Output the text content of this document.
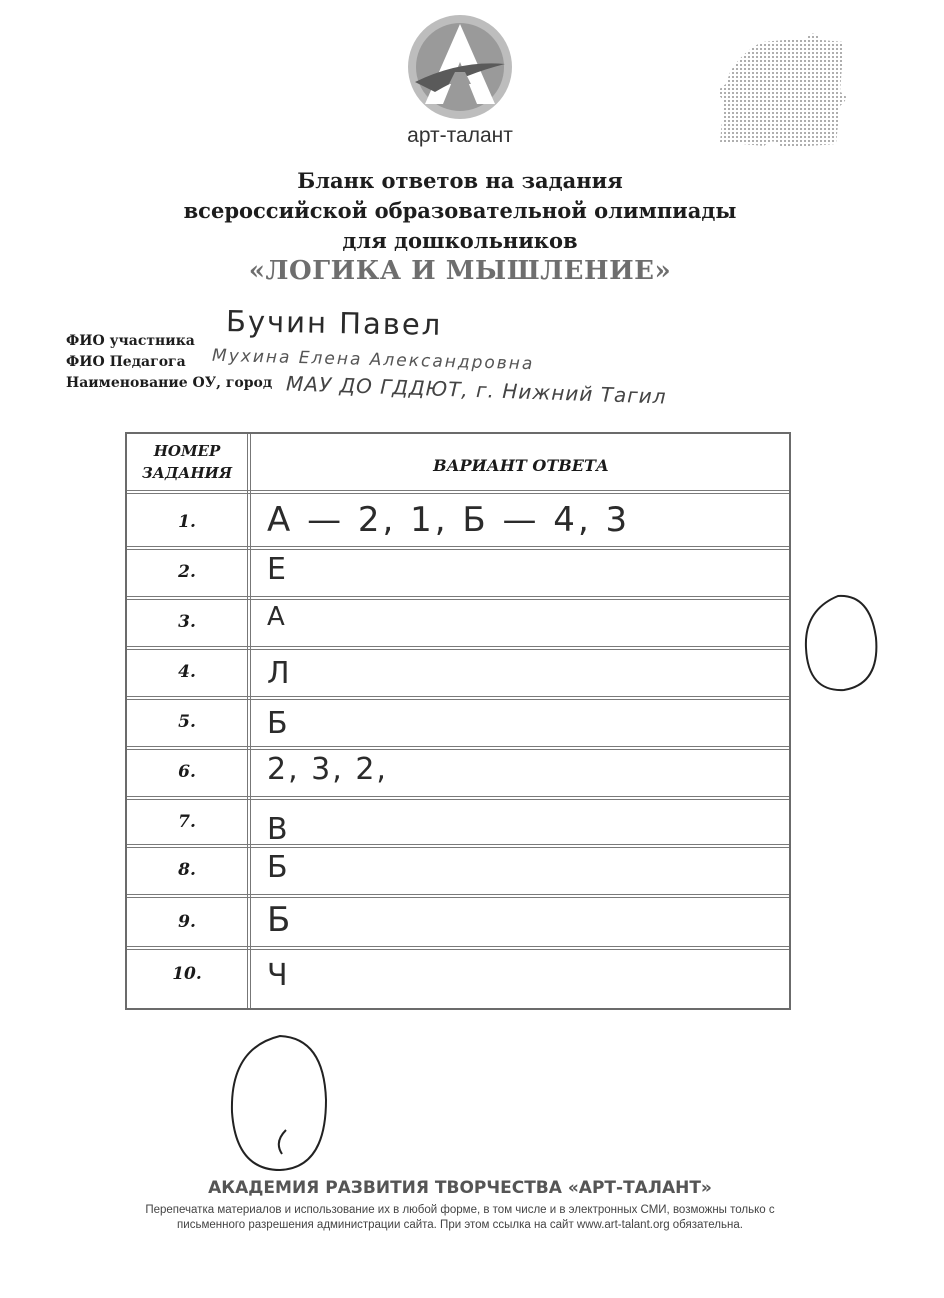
арт-талант
Бланк ответов на задания
всероссийской образовательной олимпиады
для дошкольников
«ЛОГИКА И МЫШЛЕНИЕ»
ФИО участника Бучин Павел
ФИО Педагога Мухина Елена Александровна
Наименование ОУ, город МАУ ДО ГДДЮТ, г. Нижний Тагил
НОМЕР ЗАДАНИЯ	ВАРИАНТ ОТВЕТА
1.	А — 2, 1, Б — 4, 3
2.	Е
3.	А
4.	Л
5.	Б
6.	2, 3, 2,
7.	В
8.	Б
9.	Б
10.	Ч
АКАДЕМИЯ РАЗВИТИЯ ТВОРЧЕСТВА «АРТ-ТАЛАНТ»
Перепечатка материалов и использование их в любой форме, в том числе и в электронных СМИ, возможны только с
письменного разрешения администрации сайта. При этом ссылка на сайт www.art-talant.org обязательна.
